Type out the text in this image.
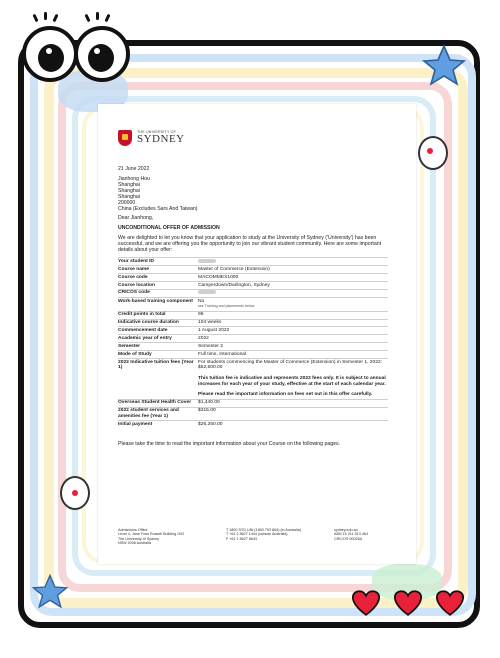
THE UNIVERSITY OF
SYDNEY
21 June 2022
Jianhong Hou
Shanghai
Shanghai
Shanghai
200000
China (Excludes Sars And Taiwan)
Dear Jianhong,
UNCONDITIONAL OFFER OF ADMISSION
We are delighted to let you know that your application to study at the University of Sydney ('University') has been successful, and we are offering you the opportunity to join our vibrant student community. Here are some important details about your offer:
Your student ID	
Course name	Master of Commerce (Extension)
Course code	MACOMMEX1000
Course location	Camperdown/Darlington, Sydney
CRICOS code	
Work-based training component	No
see Training and placements below

Credit points in total	96
Indicative course duration	104 weeks
Commencement date	1 August 2022
Academic year of entry	2022
Semester	Semester 2
Mode of Study	Full time, International
2022 Indicative tuition fees (Year 1)	For students commencing the Master of Commerce (Extension) in Semester 1, 2022: $52,500.00
This tuition fee is indicative and represents 2022 fees only. It is subject to annual increases for each year of your study, effective at the start of each calendar year.
Please read the important information on fees set out in this offer carefully.

Overseas Student Health Cover	$1,440.00
2022 student services and amenities fee (Year 1)	$315.00
Initial payment	$26,250.00
Please take the time to read the important information about your Course on the following pages.
Admissions Office
Level 4, Jane Foss Russell Building G02
The University of Sydney
NSW 2006 Australia
T 1800 SYD UNI (1800 793 864) (in Australia)
T +61 2 8627 1444 (outside Australia)
F +61 2 8627 8643
sydney.edu.au
ABN 15 211 513 464
CRICOS 00026A
